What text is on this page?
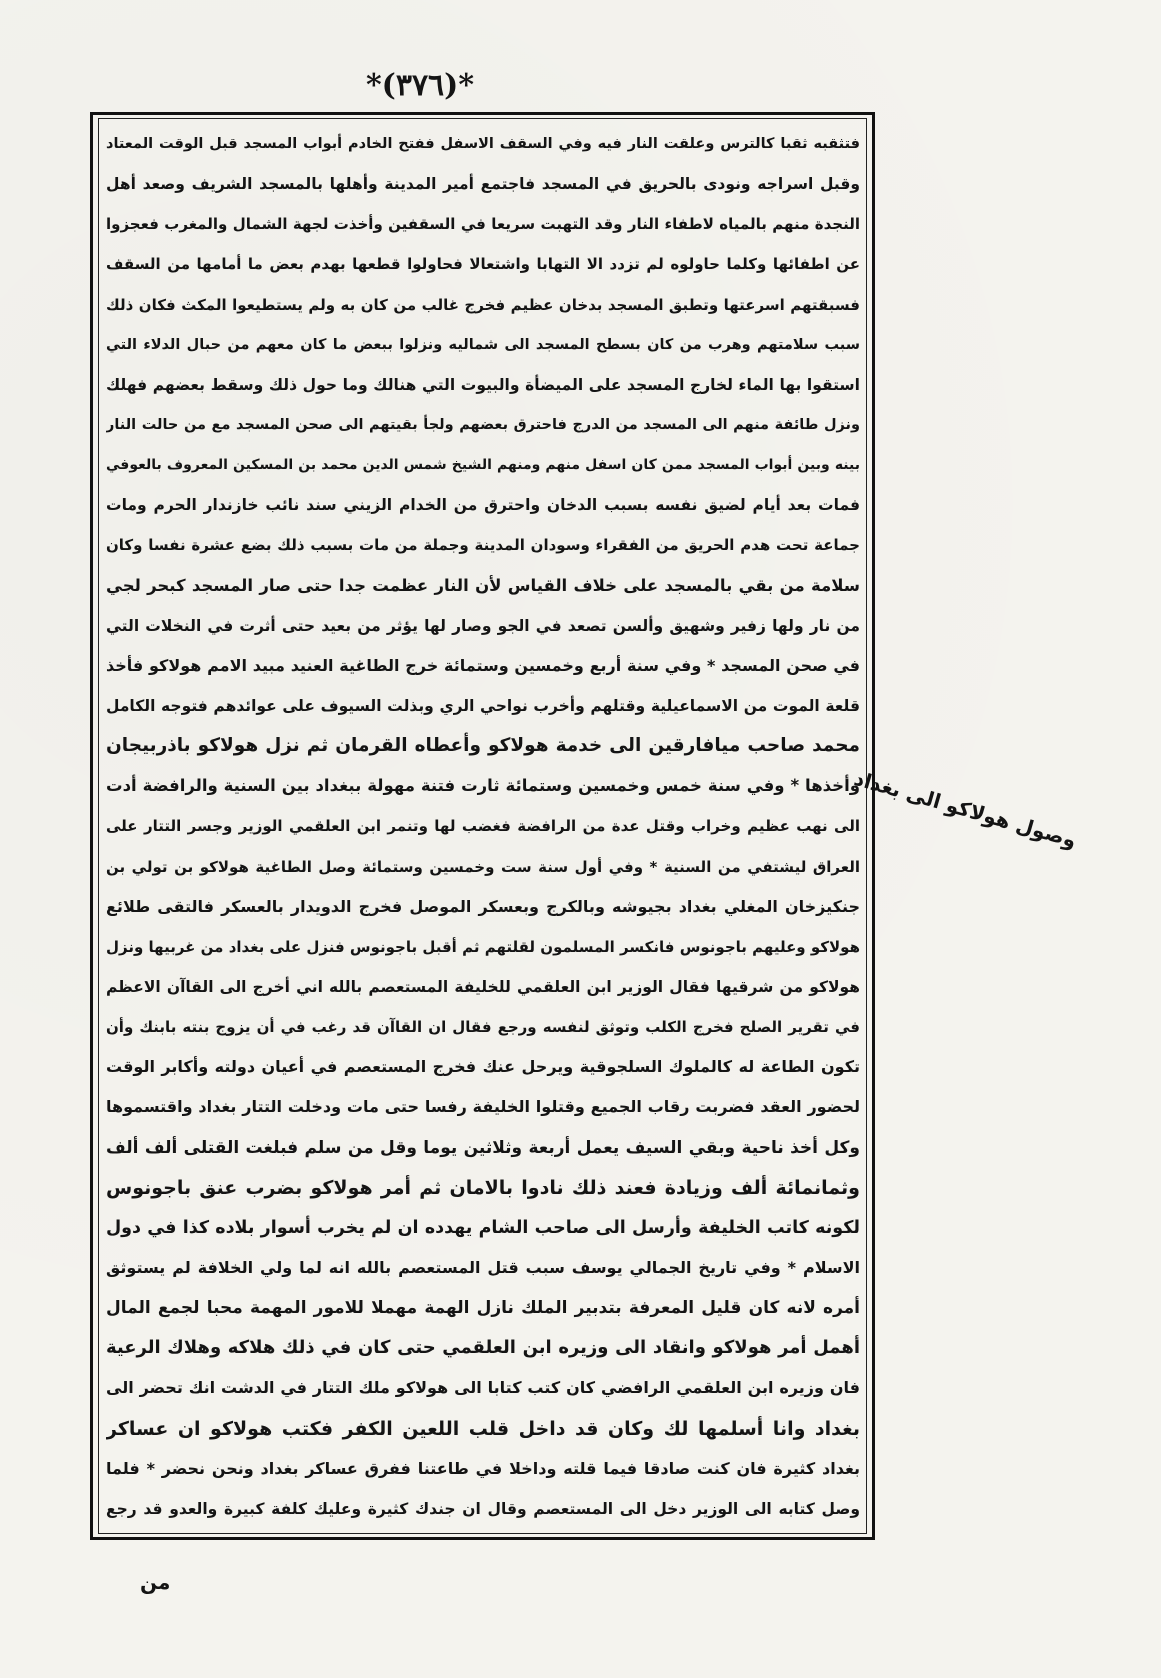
*(٣٧٦)*
فتثقبه ثقبا كالترس وعلقت النار فيه وفي السقف الاسفل ففتح الخادم أبواب المسجد قبل الوقت المعتاد
وقبل اسراجه ونودى بالحريق في المسجد فاجتمع أمير المدينة وأهلها بالمسجد الشريف وصعد أهل
النجدة منهم بالمياه لاطفاء النار وقد التهبت سريعا في السقفين وأخذت لجهة الشمال والمغرب فعجزوا
عن اطفائها وكلما حاولوه لم تزدد الا التهابا واشتعالا فحاولوا قطعها بهدم بعض ما أمامها من السقف
فسبقتهم اسرعتها وتطبق المسجد بدخان عظيم فخرج غالب من كان به ولم يستطيعوا المكث فكان ذلك
سبب سلامتهم وهرب من كان بسطح المسجد الى شماليه ونزلوا ببعض ما كان معهم من حبال الدلاء التي
استقوا بها الماء لخارج المسجد على الميضأة والبيوت التي هنالك وما حول ذلك وسقط بعضهم فهلك
ونزل طائفة منهم الى المسجد من الدرج فاحترق بعضهم ولجأ بقيتهم الى صحن المسجد مع من حالت النار
بينه وبين أبواب المسجد ممن كان اسفل منهم ومنهم الشيخ شمس الدين محمد بن المسكين المعروف بالعوفي
فمات بعد أيام لضيق نفسه بسبب الدخان واحترق من الخدام الزيني سند نائب خازندار الحرم ومات
جماعة تحت هدم الحريق من الفقراء وسودان المدينة وجملة من مات بسبب ذلك بضع عشرة نفسا وكان
سلامة من بقي بالمسجد على خلاف القياس لأن النار عظمت جدا حتى صار المسجد كبحر لجي
من نار ولها زفير وشهيق وألسن تصعد في الجو وصار لها يؤثر من بعيد حتى أثرت في النخلات التي
في صحن المسجد * وفي سنة أربع وخمسين وستمائة خرج الطاغية العنيد مبيد الامم هولاكو فأخذ
قلعة الموت من الاسماعيلية وقتلهم وأخرب نواحي الري وبذلت السيوف على عوائدهم فتوجه الكامل
محمد صاحب ميافارقين الى خدمة هولاكو وأعطاه القرمان ثم نزل هولاكو باذربيجان
وأخذها * وفي سنة خمس وخمسين وستمائة ثارت فتنة مهولة ببغداد بين السنية والرافضة أدت
الى نهب عظيم وخراب وقتل عدة من الرافضة فغضب لها وتنمر ابن العلقمي الوزير وجسر التتار على
العراق ليشتفي من السنية * وفي أول سنة ست وخمسين وستمائة وصل الطاغية هولاكو بن تولي بن
جنكيزخان المغلي بغداد بجيوشه وبالكرج وبعسكر الموصل فخرج الدويدار بالعسكر فالتقى طلائع
هولاكو وعليهم باجونوس فانكسر المسلمون لقلتهم ثم أقبل باجونوس فنزل على بغداد من غربيها ونزل
هولاكو من شرقيها فقال الوزير ابن العلقمي للخليفة المستعصم بالله اني أخرج الى القاآن الاعظم
في تقرير الصلح فخرج الكلب وتوثق لنفسه ورجع فقال ان القاآن قد رغب في أن يزوج بنته بابنك وأن
تكون الطاعة له كالملوك السلجوقية ويرحل عنك فخرج المستعصم في أعيان دولته وأكابر الوقت
لحضور العقد فضربت رقاب الجميع وقتلوا الخليفة رفسا حتى مات ودخلت التتار بغداد واقتسموها
وكل أخذ ناحية وبقي السيف يعمل أربعة وثلاثين يوما وقل من سلم فبلغت القتلى ألف ألف
وثمانمائة ألف وزيادة فعند ذلك نادوا بالامان ثم أمر هولاكو بضرب عنق باجونوس
لكونه كاتب الخليفة وأرسل الى صاحب الشام يهدده ان لم يخرب أسوار بلاده كذا في دول
الاسلام * وفي تاريخ الجمالي يوسف سبب قتل المستعصم بالله انه لما ولي الخلافة لم يستوثق
أمره لانه كان قليل المعرفة بتدبير الملك نازل الهمة مهملا للامور المهمة محبا لجمع المال
أهمل أمر هولاكو وانقاد الى وزيره ابن العلقمي حتى كان في ذلك هلاكه وهلاك الرعية
فان وزيره ابن العلقمي الرافضي كان كتب كتابا الى هولاكو ملك التتار في الدشت انك تحضر الى
بغداد وانا أسلمها لك وكان قد داخل قلب اللعين الكفر فكتب هولاكو ان عساكر
بغداد كثيرة فان كنت صادقا فيما قلته وداخلا في طاعتنا ففرق عساكر بغداد ونحن نحضر * فلما
وصل كتابه الى الوزير دخل الى المستعصم وقال ان جندك كثيرة وعليك كلفة كبيرة والعدو قد رجع
وصول هولاكو الى بغداد
من
